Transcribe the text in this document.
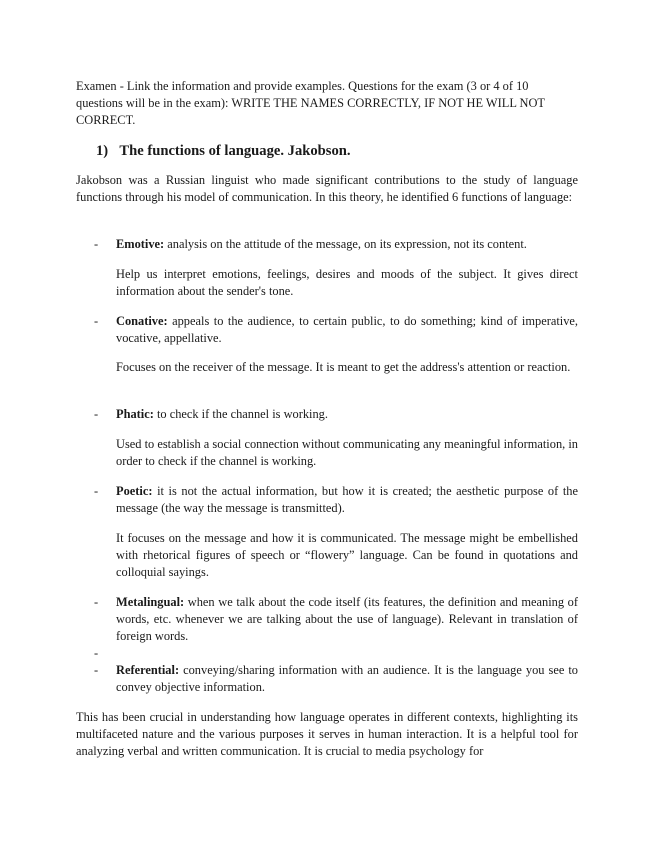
Examen - Link the information and provide examples. Questions for the exam (3 or 4 of 10 questions will be in the exam): WRITE THE NAMES CORRECTLY, IF NOT HE WILL NOT CORRECT.
1) The functions of language. Jakobson.
Jakobson was a Russian linguist who made significant contributions to the study of language functions through his model of communication. In this theory, he identified 6 functions of language:
- Emotive: analysis on the attitude of the message, on its expression, not its content.
Help us interpret emotions, feelings, desires and moods of the subject. It gives direct information about the sender's tone.
- Conative: appeals to the audience, to certain public, to do something; kind of imperative, vocative, appellative.
Focuses on the receiver of the message. It is meant to get the address's attention or reaction.
- Phatic: to check if the channel is working.
Used to establish a social connection without communicating any meaningful information, in order to check if the channel is working.
- Poetic: it is not the actual information, but how it is created; the aesthetic purpose of the message (the way the message is transmitted).
It focuses on the message and how it is communicated. The message might be embellished with rhetorical figures of speech or “flowery” language. Can be found in quotations and colloquial sayings.
- Metalingual: when we talk about the code itself (its features, the definition and meaning of words, etc. whenever we are talking about the use of language). Relevant in translation of foreign words.
-
- Referential: conveying/sharing information with an audience. It is the language you see to convey objective information.
This has been crucial in understanding how language operates in different contexts, highlighting its multifaceted nature and the various purposes it serves in human interaction. It is a helpful tool for analyzing verbal and written communication. It is crucial to media psychology for
